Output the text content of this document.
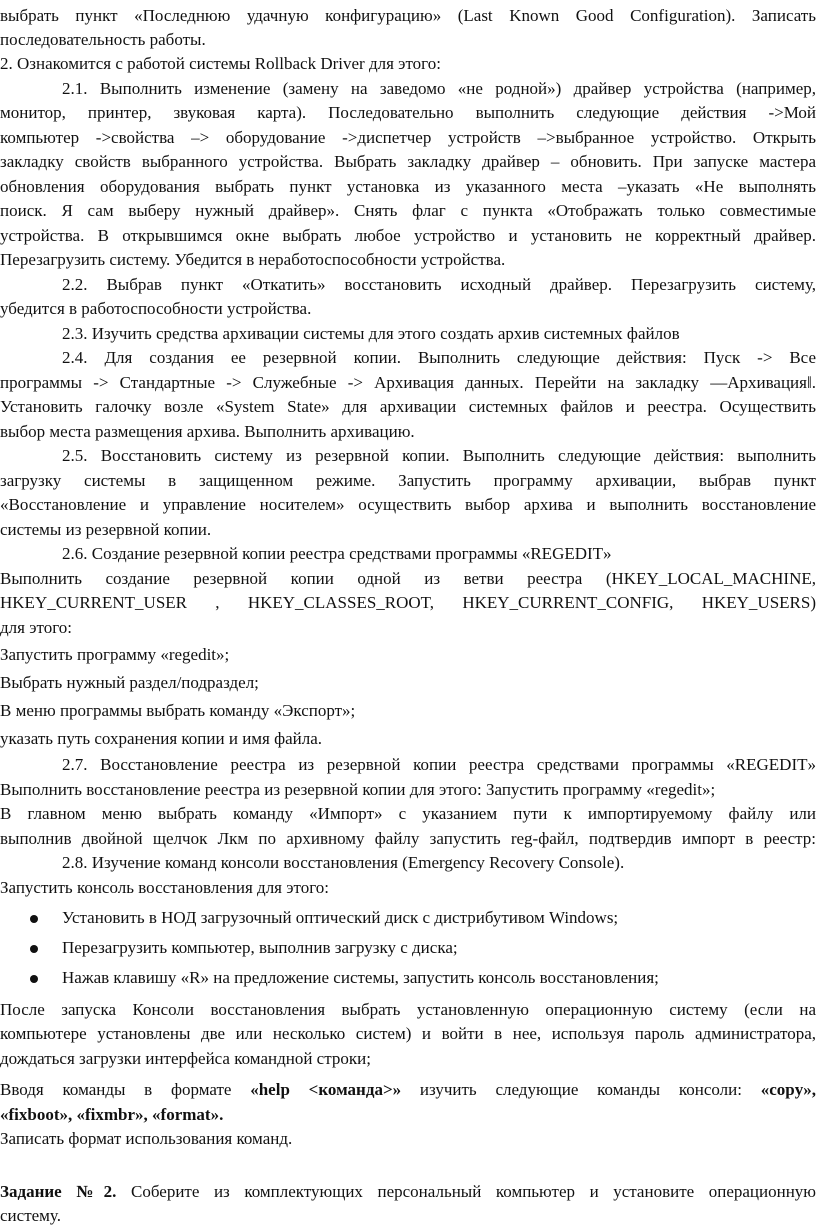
выбрать пункт «Последнюю удачную конфигурацию» (Last Known Good Configuration). Записать
последовательность работы.
2. Ознакомится с работой системы Rollback Driver для этого:
2.1. Выполнить изменение (замену на заведомо «не родной») драйвер устройства (например,
монитор, принтер, звуковая карта). Последовательно выполнить следующие действия ->Мой
компьютер ->свойства –> оборудование ->диспетчер устройств –>выбранное устройство. Открыть
закладку свойств выбранного устройства. Выбрать закладку драйвер – обновить. При запуске мастера
обновления оборудования выбрать пункт установка из указанного места –указать «Не выполнять
поиск. Я сам выберу нужный драйвер». Снять флаг с пункта «Отображать только совместимые
устройства. В открывшимся окне выбрать любое устройство и установить не корректный драйвер.
Перезагрузить систему. Убедится в неработоспособности устройства.
2.2. Выбрав пункт «Откатить» восстановить исходный драйвер. Перезагрузить систему,
убедится в работоспособности устройства.
2.3. Изучить средства архивации системы для этого создать архив системных файлов
2.4. Для создания ее резервной копии. Выполнить следующие действия: Пуск -> Все
программы -> Стандартные -> Служебные -> Архивация данных. Перейти на закладку ―Архивация‖.
Установить галочку возле «System State» для архивации системных файлов и реестра. Осуществить
выбор места размещения архива. Выполнить архивацию.
2.5. Восстановить систему из резервной копии. Выполнить следующие действия: выполнить
загрузку системы в защищенном режиме. Запустить программу архивации, выбрав пункт
«Восстановление и управление носителем» осуществить выбор архива и выполнить восстановление
системы из резервной копии.
2.6. Создание резервной копии реестра средствами программы «REGEDIT»
Выполнить создание резервной копии одной из ветви реестра (HKEY_LOCAL_MACHINE,
HKEY_CURRENT_USER , HKEY_CLASSES_ROOT, HKEY_CURRENT_CONFIG, HKEY_USERS)
для этого:
Запустить программу «regedit»;
Выбрать нужный раздел/подраздел;
В меню программы выбрать команду «Экспорт»;
указать путь сохранения копии и имя файла.
2.7. Восстановление реестра из резервной копии реестра средствами программы «REGEDIT»
Выполнить восстановление реестра из резервной копии для этого: Запустить программу «regedit»;
В главном меню выбрать команду «Импорт» с указанием пути к импортируемому файлу или
выполнив двойной щелчок Лкм по архивному файлу запустить reg-файл, подтвердив импорт в реестр:
2.8. Изучение команд консоли восстановления (Emergency Recovery Console).
Запустить консоль восстановления для этого:
Установить в НОД загрузочный оптический диск с дистрибутивом Windows;
Перезагрузить компьютер, выполнив загрузку с диска;
Нажав клавишу «R» на предложение системы, запустить консоль восстановления;
После запуска Консоли восстановления выбрать установленную операционную систему (если на
компьютере установлены две или несколько систем) и войти в нее, используя пароль администратора,
дождаться загрузки интерфейса командной строки;
Вводя команды в формате «help <команда>» изучить следующие команды консоли: «copy»,
«fixboot», «fixmbr», «format».
Записать формат использования команд.
Задание №2. Соберите из комплектующих персональный компьютер и установите операционную
систему.
